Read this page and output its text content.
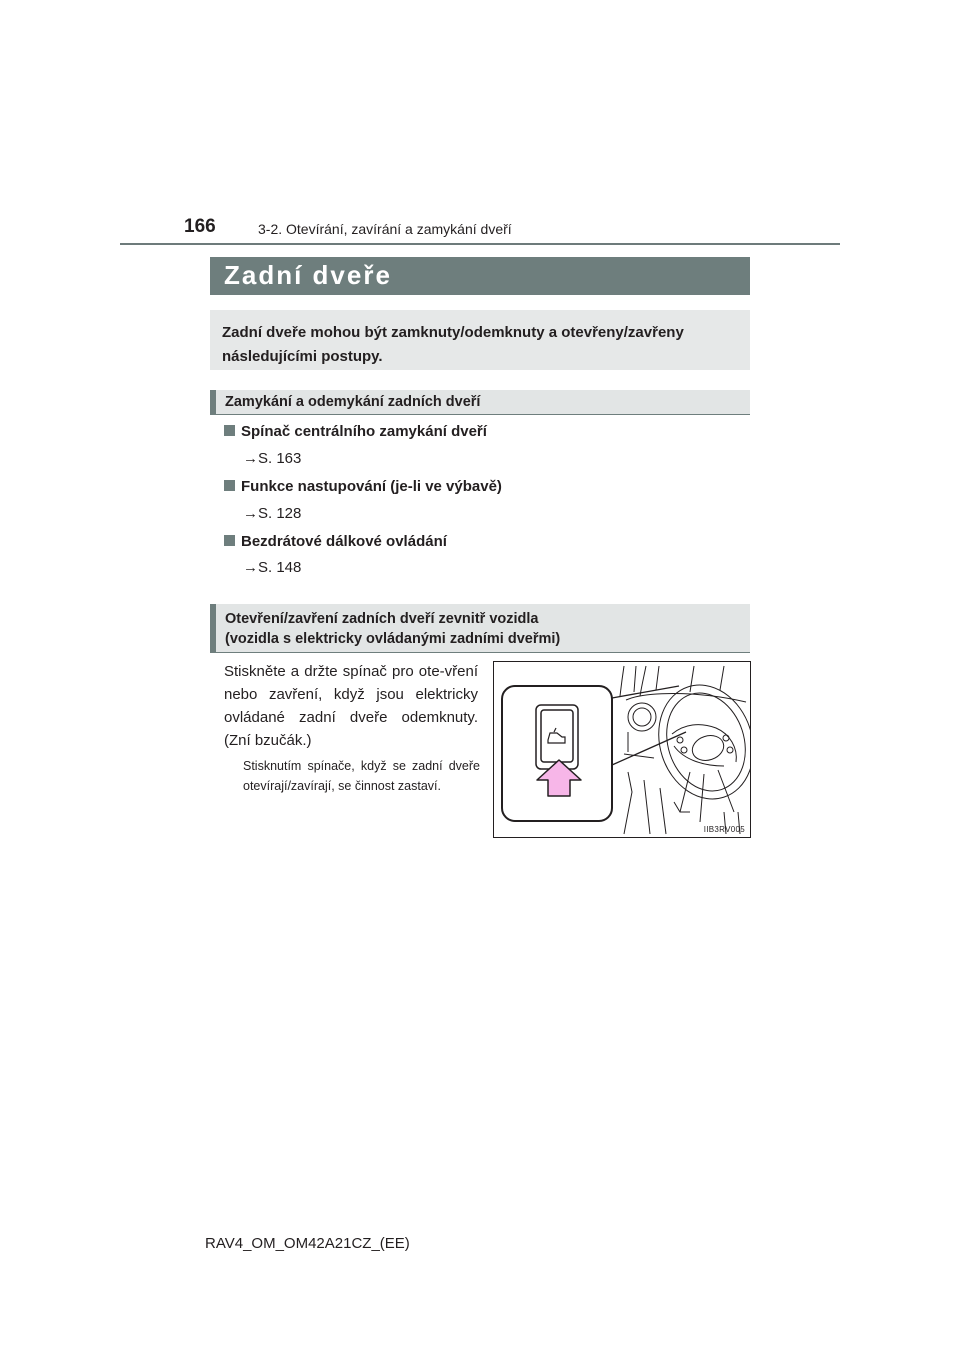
166	3-2. Otevírání, zavírání a zamykání dveří
Zadní dveře
Zadní dveře mohou být zamknuty/odemknuty a otevřeny/zavřeny následujícími postupy.
Zamykání a odemykání zadních dveří
Spínač centrálního zamykání dveří
→S. 163
Funkce nastupování (je-li ve výbavě)
→S. 128
Bezdrátové dálkové ovládání
→S. 148
Otevření/zavření zadních dveří zevnitř vozidla
(vozidla s elektricky ovládanými zadními dveřmi)
Stiskněte a držte spínač pro ote-vření nebo zavření, když jsou elektricky ovládané zadní dveře odemknuty. (Zní bzučák.)
Stisknutím spínače, když se zadní dveře otevírají/zavírají, se činnost zastaví.
IIB3RV005
RAV4_OM_OM42A21CZ_(EE)
